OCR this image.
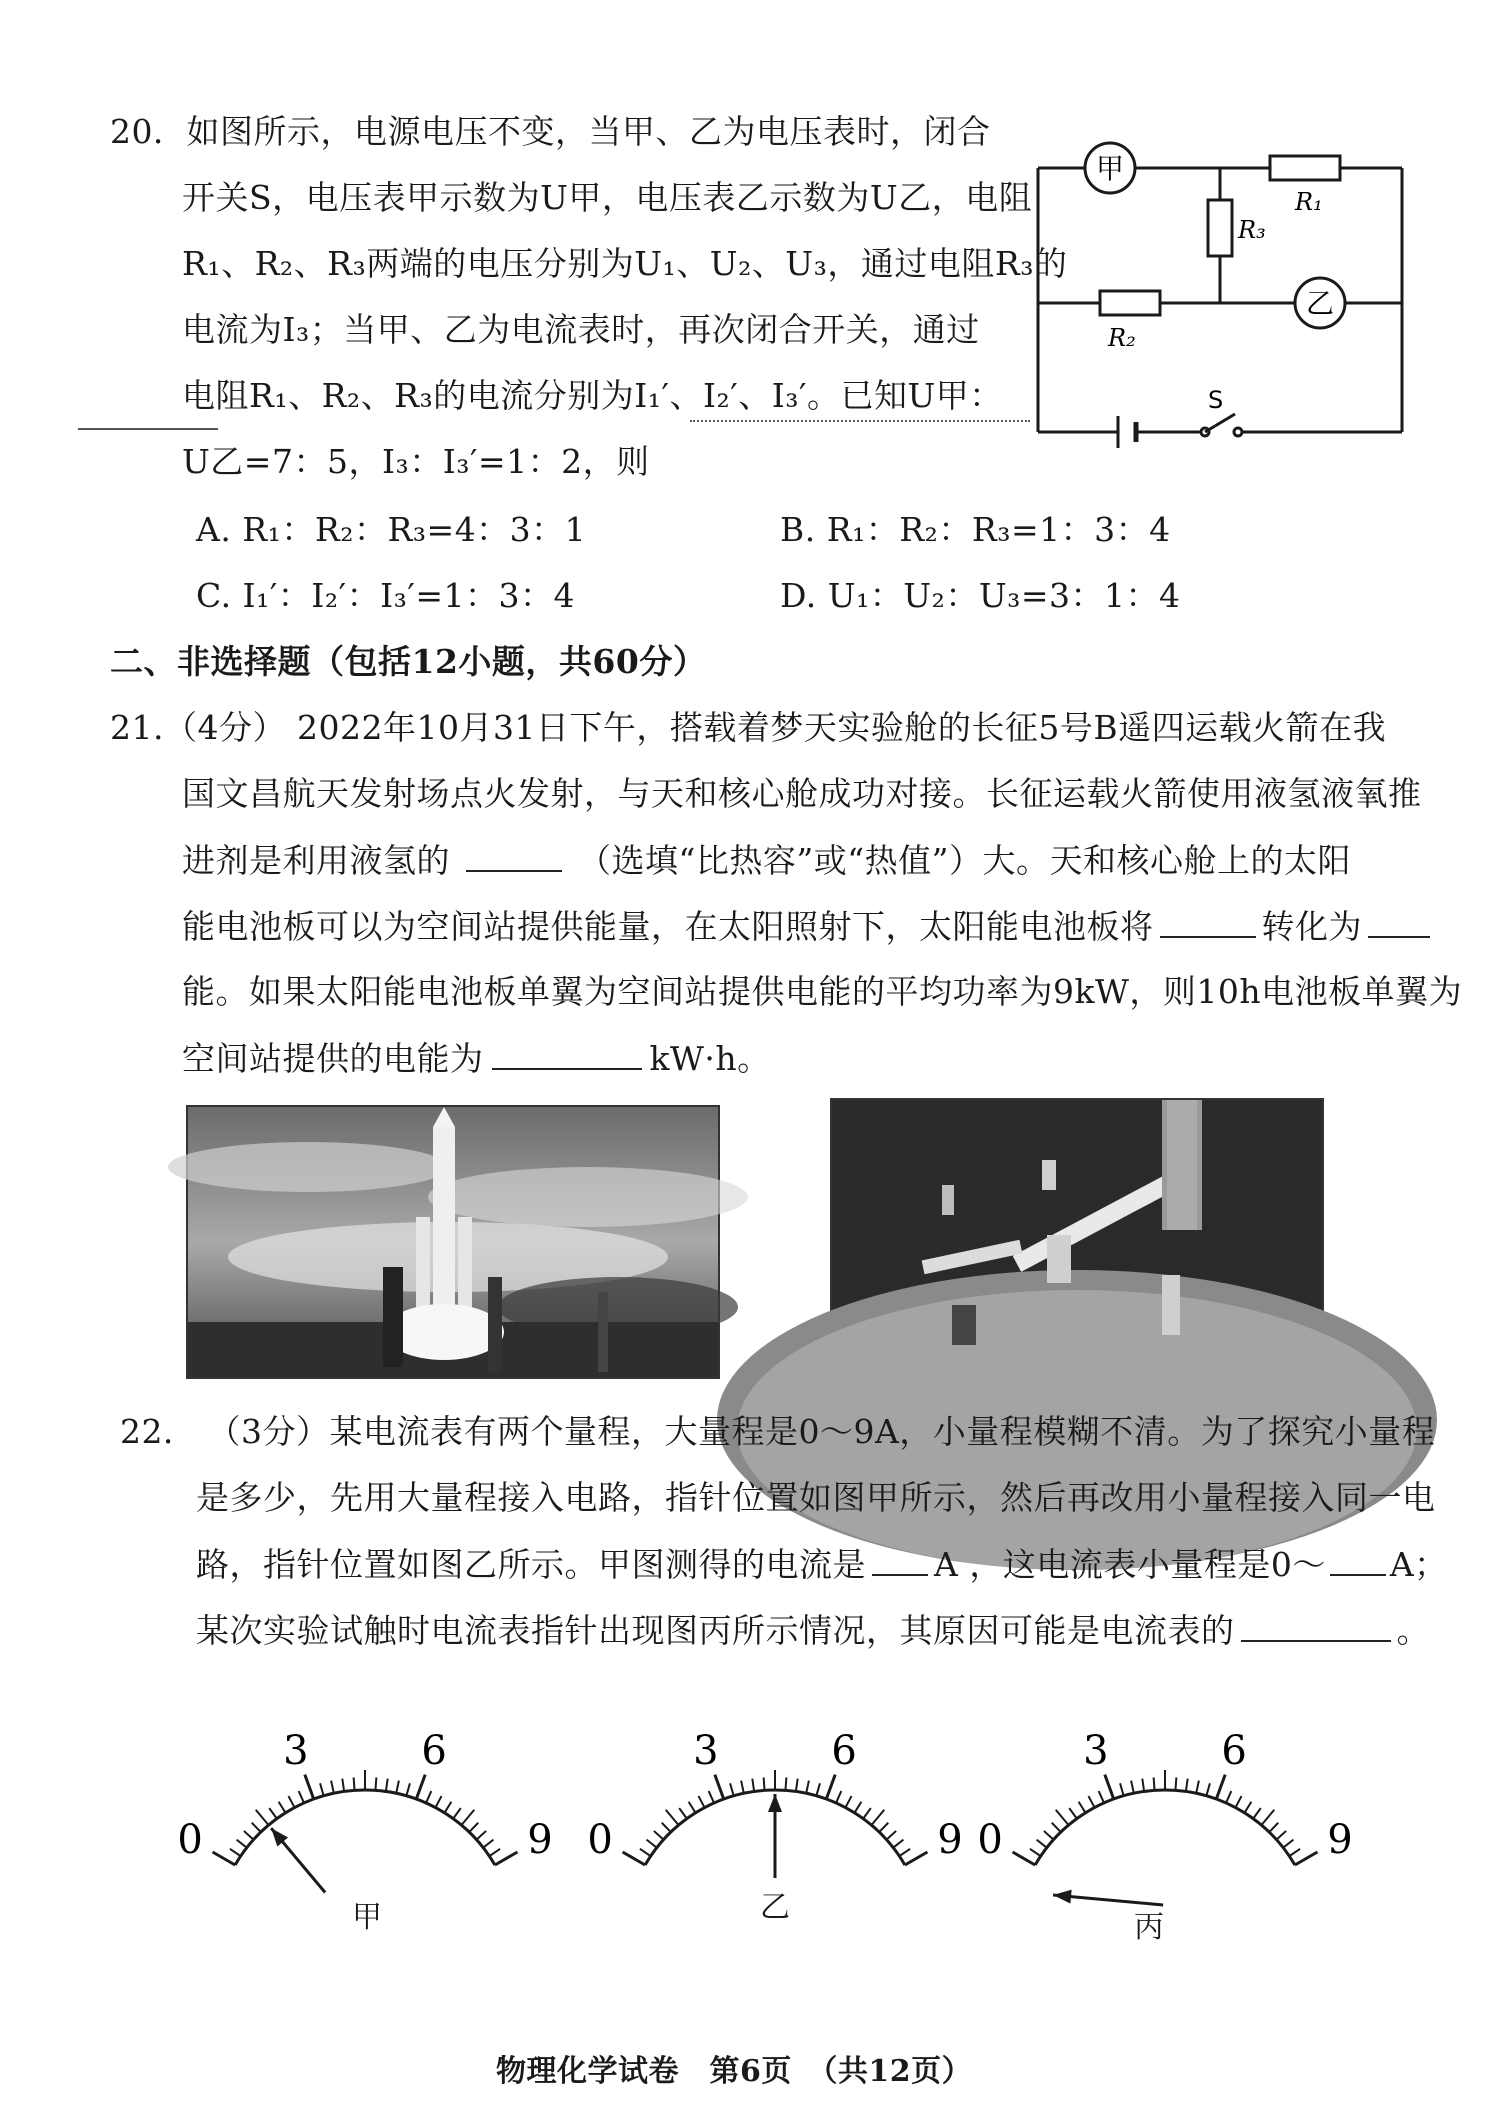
20．如图所示，电源电压不变，当甲、乙为电压表时，闭合
开关S，电压表甲示数为U甲，电压表乙示数为U乙，电阻
R₁、R₂、R₃两端的电压分别为U₁、U₂、U₃，通过电阻R₃的
电流为I₃；当甲、乙为电流表时，再次闭合开关，通过
电阻R₁、R₂、R₃的电流分别为I₁′、I₂′、I₃′。已知U甲：
U乙=7：5，I₃：I₃′=1：2，则
A. R₁：R₂：R₃=4：3：1	B. R₁：R₂：R₃=1：3：4
C. I₁′：I₂′：I₃′=1：3：4	D. U₁：U₂：U₃=3：1：4
甲
乙
R₁
R₃
R₂
S
二、非选择题（包括12小题，共60分）
21.（4分） 2022年10月31日下午，搭载着梦天实验舱的长征5号B遥四运载火箭在我
国文昌航天发射场点火发射，与天和核心舱成功对接。长征运载火箭使用液氢液氧推
进剂是利用液氢的	（选填“比热容”或“热值”）大。天和核心舱上的太阳
能电池板可以为空间站提供能量，在太阳照射下，太阳能电池板将	转化为
能。如果太阳能电池板单翼为空间站提供电能的平均功率为9kW，则10h电池板单翼为
空间站提供的电能为	kW·h。
22． （3分）某电流表有两个量程，大量程是0～9A，小量程模糊不清。为了探究小量程
是多少，先用大量程接入电路，指针位置如图甲所示，然后再改用小量程接入同一电
路，指针位置如图乙所示。甲图测得的电流是 A ，这电流表小量程是0～ A；
某次实验试触时电流表指针出现图丙所示情况，其原因可能是电流表的	。
0
3	6
9 0
3	6
9 0
3	6
9
甲	乙
丙
物理化学试卷　第6页　（共12页）
